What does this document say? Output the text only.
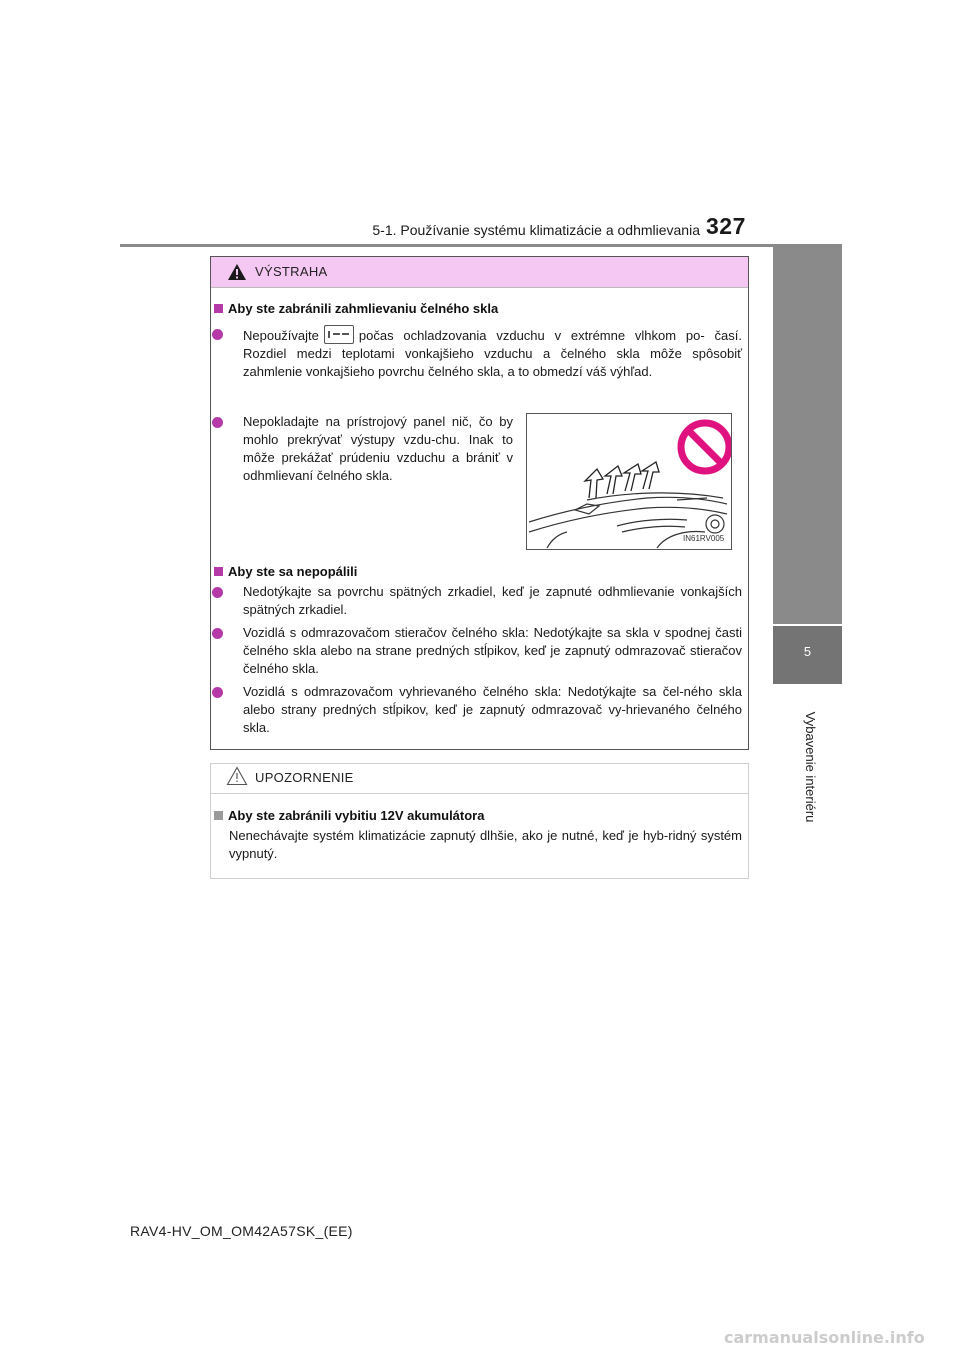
5-1. Používanie systému klimatizácie a odhmlievania 327
5
Vybavenie interiéru
VÝSTRAHA
Aby ste zabránili zahmlievaniu čelného skla
Nepoužívajte	počas ochladzovania vzduchu v extrémne vlhkom po- časí. Rozdiel medzi teplotami vonkajšieho vzduchu a čelného skla môže spôsobiť zahmlenie vonkajšieho povrchu čelného skla, a to obmedzí váš výhľad.
Nepokladajte na prístrojový panel nič, čo by mohlo prekrývať výstupy vzdu-chu. Inak to môže prekážať prúdeniu vzduchu a brániť v odhmlievaní čelného skla.
IN61RV005
Aby ste sa nepopálili
Nedotýkajte sa povrchu spätných zrkadiel, keď je zapnuté odhmlievanie vonkajších spätných zrkadiel.
Vozidlá s odmrazovačom stieračov čelného skla: Nedotýkajte sa skla v spodnej časti čelného skla alebo na strane predných stĺpikov, keď je zapnutý odmrazovač stieračov čelného skla.
Vozidlá s odmrazovačom vyhrievaného čelného skla: Nedotýkajte sa čel-ného skla alebo strany predných stĺpikov, keď je zapnutý odmrazovač vy-hrievaného čelného skla.
UPOZORNENIE
Aby ste zabránili vybitiu 12V akumulátora
Nenechávajte systém klimatizácie zapnutý dlhšie, ako je nutné, keď je hyb-ridný systém vypnutý.
RAV4-HV_OM_OM42A57SK_(EE)
carmanualsonline.info
